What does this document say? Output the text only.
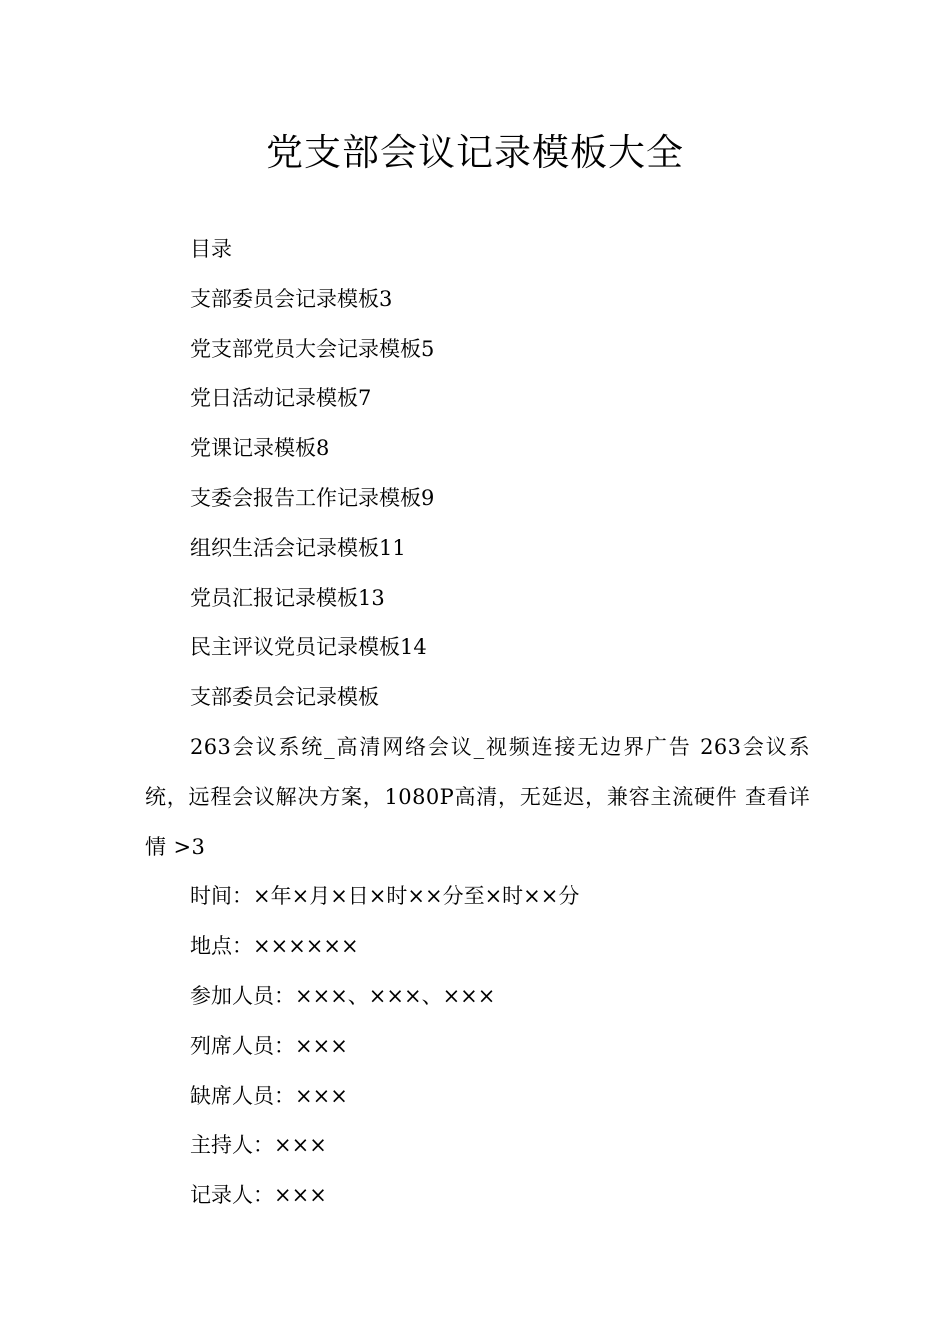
党支部会议记录模板大全

目录

支部委员会记录模板3

党支部党员大会记录模板5

党日活动记录模板7

党课记录模板8

支委会报告工作记录模板9

组织生活会记录模板11

党员汇报记录模板13

民主评议党员记录模板14

支部委员会记录模板

263会议系统_高清网络会议_视频连接无边界广告 263会议系统，远程会议解决方案，1080P高清，无延迟，兼容主流硬件 查看详情 >3

时间：×年×月×日×时××分至×时××分

地点：××××××

参加人员：×××、×××、×××

列席人员：×××

缺席人员：×××

主持人：×××

记录人：×××
